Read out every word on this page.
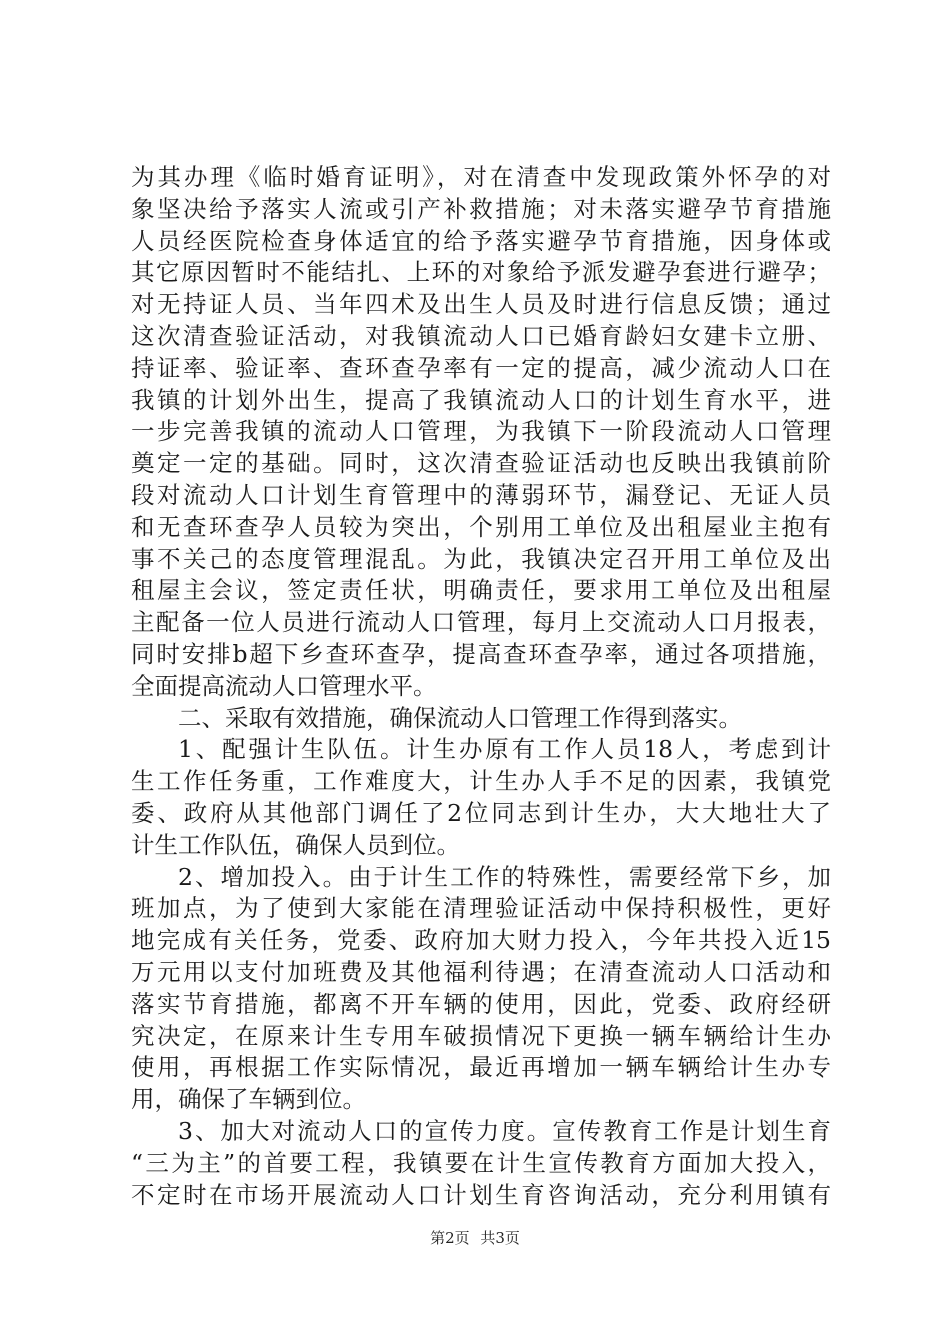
为其办理《临时婚育证明》，对在清查中发现政策外怀孕的对
象坚决给予落实人流或引产补救措施；对未落实避孕节育措施
人员经医院检查身体适宜的给予落实避孕节育措施，因身体或
其它原因暂时不能结扎、上环的对象给予派发避孕套进行避孕；
对无持证人员、当年四术及出生人员及时进行信息反馈；通过
这次清查验证活动，对我镇流动人口已婚育龄妇女建卡立册、
持证率、验证率、查环查孕率有一定的提高，减少流动人口在
我镇的计划外出生，提高了我镇流动人口的计划生育水平，进
一步完善我镇的流动人口管理，为我镇下一阶段流动人口管理
奠定一定的基础。同时，这次清查验证活动也反映出我镇前阶
段对流动人口计划生育管理中的薄弱环节，漏登记、无证人员
和无查环查孕人员较为突出，个别用工单位及出租屋业主抱有
事不关己的态度管理混乱。为此，我镇决定召开用工单位及出
租屋主会议，签定责任状，明确责任，要求用工单位及出租屋
主配备一位人员进行流动人口管理，每月上交流动人口月报表，
同时安排b超下乡查环查孕，提高查环查孕率，通过各项措施，
全面提高流动人口管理水平。
二、采取有效措施，确保流动人口管理工作得到落实。
1、配强计生队伍。计生办原有工作人员18人，考虑到计
生工作任务重，工作难度大，计生办人手不足的因素，我镇党
委、政府从其他部门调任了2位同志到计生办，大大地壮大了
计生工作队伍，确保人员到位。
2、增加投入。由于计生工作的特殊性，需要经常下乡，加
班加点，为了使到大家能在清理验证活动中保持积极性，更好
地完成有关任务，党委、政府加大财力投入，今年共投入近15
万元用以支付加班费及其他福利待遇；在清查流动人口活动和
落实节育措施，都离不开车辆的使用，因此，党委、政府经研
究决定，在原来计生专用车破损情况下更换一辆车辆给计生办
使用，再根据工作实际情况，最近再增加一辆车辆给计生办专
用，确保了车辆到位。
3、加大对流动人口的宣传力度。宣传教育工作是计划生育
“三为主”的首要工程，我镇要在计生宣传教育方面加大投入，
不定时在市场开展流动人口计划生育咨询活动，充分利用镇有
第2页 共3页
